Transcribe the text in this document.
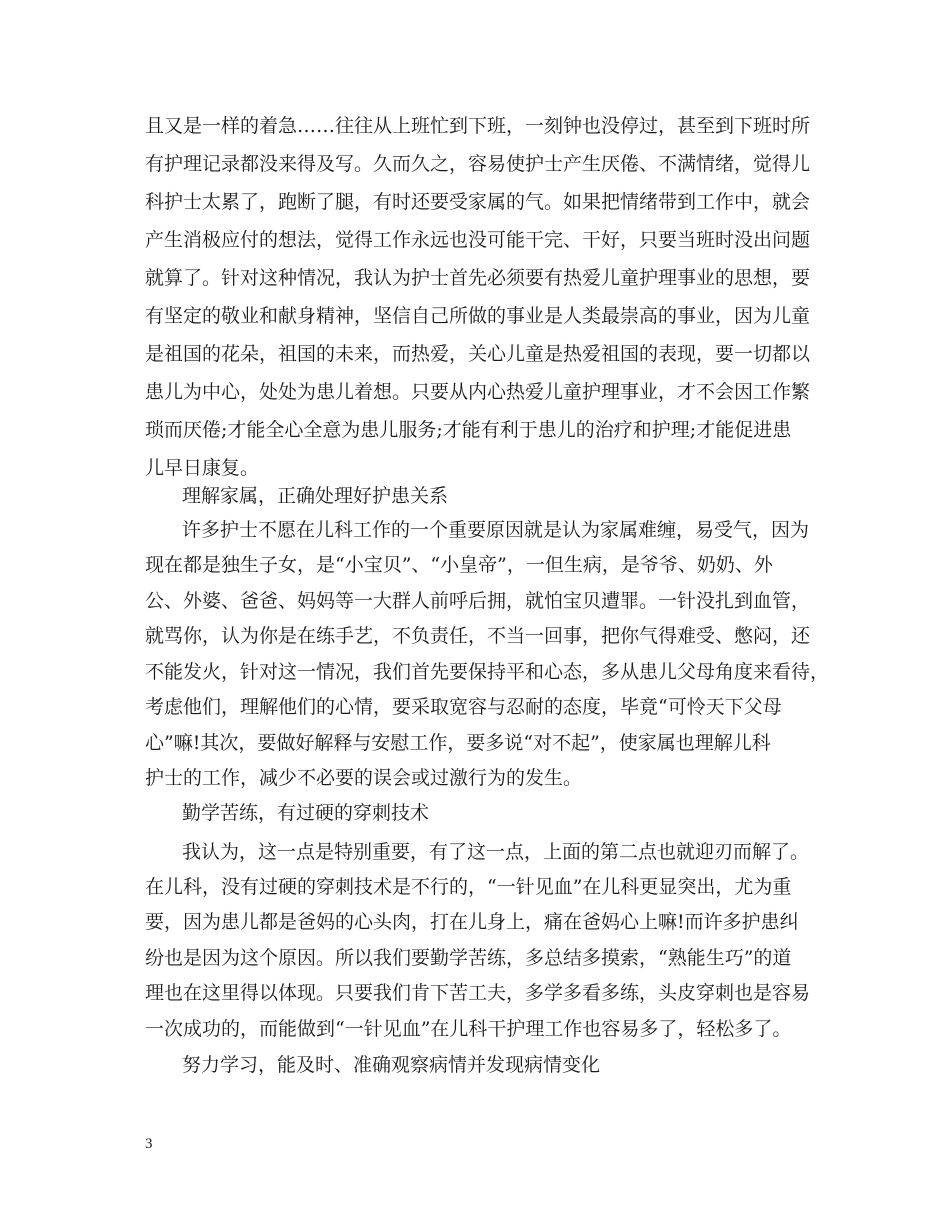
且又是一样的着急……往往从上班忙到下班，一刻钟也没停过，甚至到下班时所
有护理记录都没来得及写。久而久之，容易使护士产生厌倦、不满情绪，觉得儿
科护士太累了，跑断了腿，有时还要受家属的气。如果把情绪带到工作中，就会
产生消极应付的想法，觉得工作永远也没可能干完、干好，只要当班时没出问题
就算了。针对这种情况，我认为护士首先必须要有热爱儿童护理事业的思想，要
有坚定的敬业和献身精神，坚信自己所做的事业是人类最崇高的事业，因为儿童
是祖国的花朵，祖国的未来，而热爱，关心儿童是热爱祖国的表现，要一切都以
患儿为中心，处处为患儿着想。只要从内心热爱儿童护理事业，才不会因工作繁
琐而厌倦;才能全心全意为患儿服务;才能有利于患儿的治疗和护理;才能促进患
儿早日康复。
理解家属，正确处理好护患关系
许多护士不愿在儿科工作的一个重要原因就是认为家属难缠，易受气，因为
现在都是独生子女，是“小宝贝”、“小皇帝”，一但生病，是爷爷、奶奶、外
公、外婆、爸爸、妈妈等一大群人前呼后拥，就怕宝贝遭罪。一针没扎到血管，
就骂你，认为你是在练手艺，不负责任，不当一回事，把你气得难受、憋闷，还
不能发火，针对这一情况，我们首先要保持平和心态，多从患儿父母角度来看待，
考虑他们，理解他们的心情，要采取宽容与忍耐的态度，毕竟“可怜天下父母
心”嘛!其次，要做好解释与安慰工作，要多说“对不起”，使家属也理解儿科
护士的工作，减少不必要的误会或过激行为的发生。
勤学苦练，有过硬的穿刺技术
我认为，这一点是特别重要，有了这一点，上面的第二点也就迎刃而解了。
在儿科，没有过硬的穿刺技术是不行的，“一针见血”在儿科更显突出，尤为重
要，因为患儿都是爸妈的心头肉，打在儿身上，痛在爸妈心上嘛!而许多护患纠
纷也是因为这个原因。所以我们要勤学苦练，多总结多摸索，“熟能生巧”的道
理也在这里得以体现。只要我们肯下苦工夫，多学多看多练，头皮穿刺也是容易
一次成功的，而能做到“一针见血”在儿科干护理工作也容易多了，轻松多了。
努力学习，能及时、准确观察病情并发现病情变化
3
